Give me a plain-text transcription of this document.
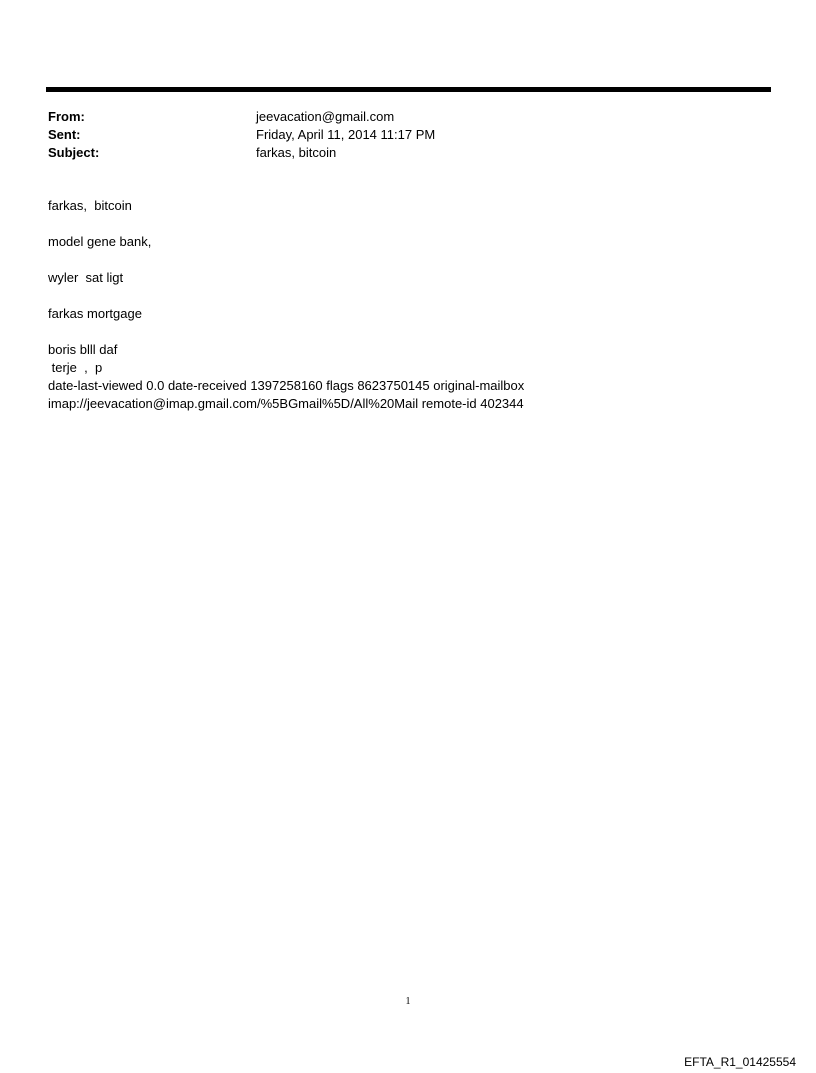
From:	jeevacation@gmail.com
Sent:	Friday, April 11, 2014 11:17 PM
Subject:	farkas, bitcoin

farkas,  bitcoin

model gene bank,

wyler  sat ligt

farkas mortgage

boris blll daf

terje  ,  p

date-last-viewed 0.0 date-received 1397258160 flags 8623750145 original-mailbox

imap://jeevacation@imap.gmail.com/%5BGmail%5D/All%20Mail remote-id 402344

1
EFTA_R1_01425554
